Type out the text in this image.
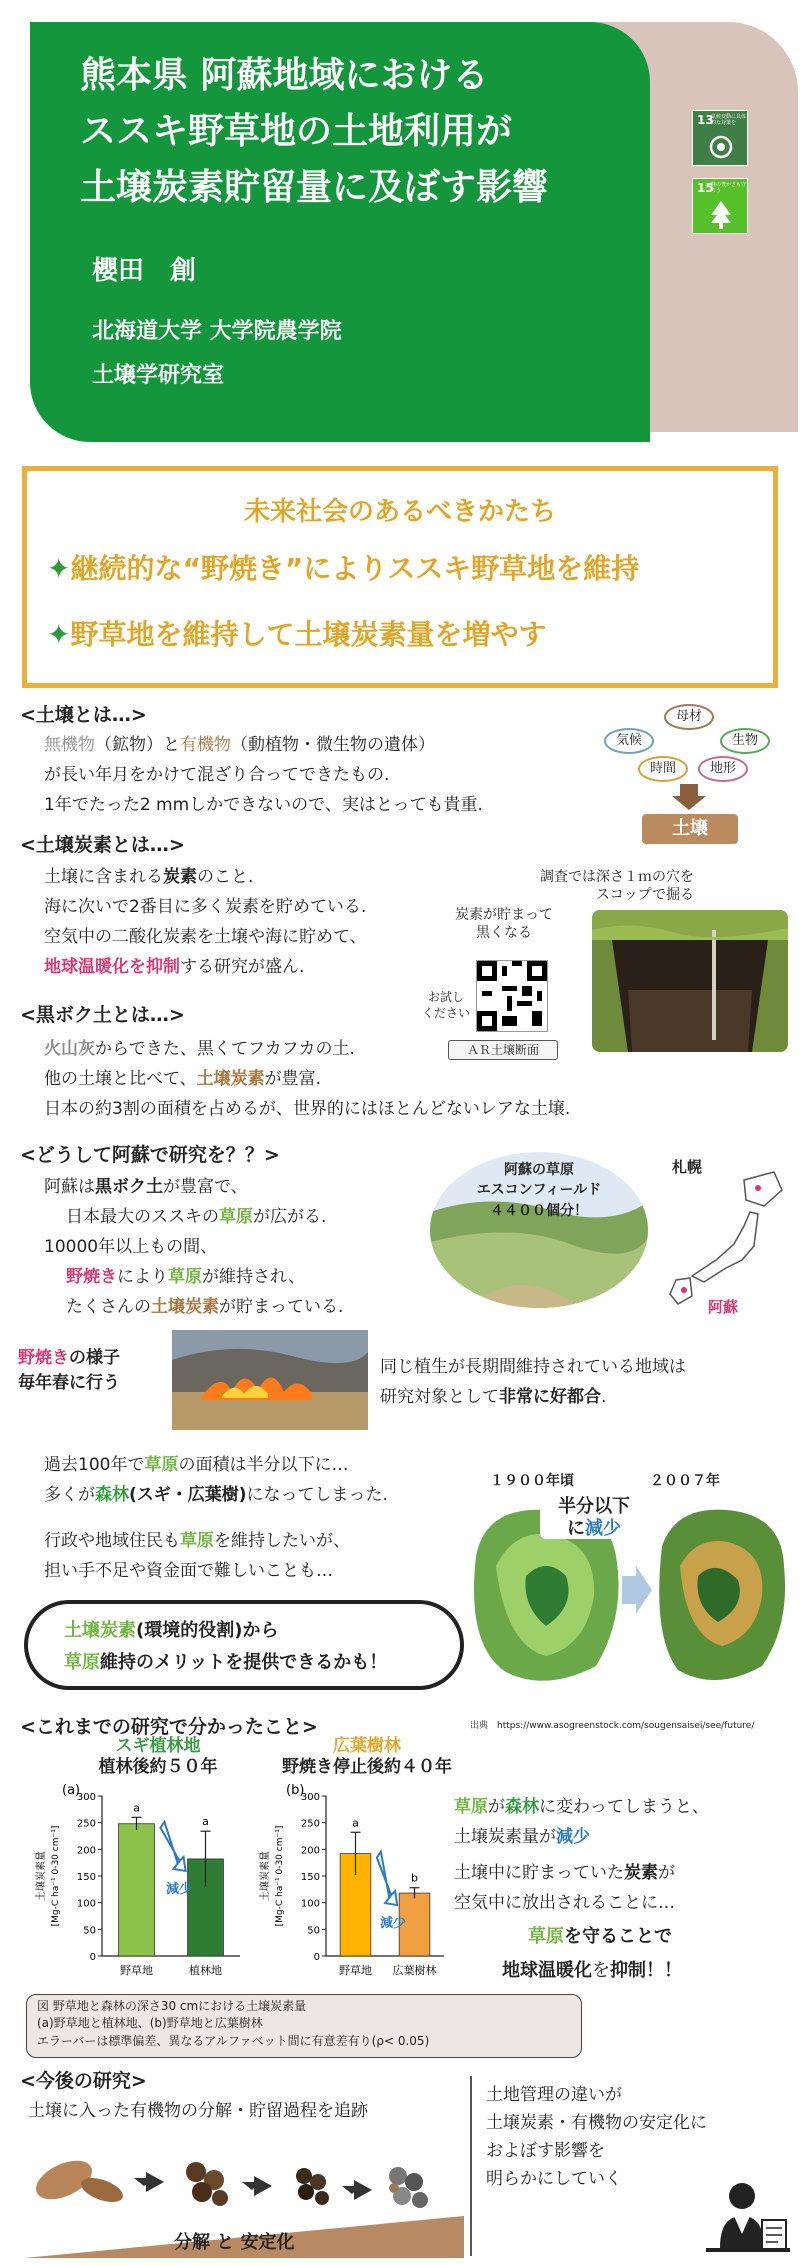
熊本県 阿蘇地域における
ススキ野草地の土地利用が
土壌炭素貯留量に及ぼす影響
櫻田　創
北海道大学 大学院農学院
土壌学研究室
13
気候変動に具体的な対策を
15
陸の豊かさも守ろう
未来社会のあるべきかたち
✦継続的な“野焼き”によりススキ野草地を維持
✦野草地を維持して土壌炭素量を増やす
<土壌とは…>
無機物（鉱物）と有機物（動植物・微生物の遺体）
が長い年月をかけて混ざり合ってできたもの.
1年でたった2 mmしかできないので、実はとっても貴重.
母材
気候	生物
時間	地形
土壌
<土壌炭素とは…>
土壌に含まれる炭素のこと.
海に次いで2番目に多く炭素を貯めている.
空気中の二酸化炭素を土壌や海に貯めて、
地球温暖化を抑制する研究が盛ん.
調査では深さ１ｍの穴を
スコップで掘る
炭素が貯まって
黒くなる
お試し
ください
ＡＲ土壌断面
<黒ボク土とは…>
火山灰からできた、黒くてフカフカの土.
他の土壌と比べて、土壌炭素が豊富.
日本の約3割の面積を占めるが、世界的にはほとんどないレアな土壌.
<どうして阿蘇で研究を？？>
阿蘇は黒ボク土が豊富で、
日本最大のススキの草原が広がる.
10000年以上もの間、
野焼きにより草原が維持され、
たくさんの土壌炭素が貯まっている.
阿蘇の草原
エスコンフィールド
４４００個分！
札幌
阿蘇
野焼きの様子
毎年春に行う
同じ植生が長期間維持されている地域は
研究対象として非常に好都合.
過去100年で草原の面積は半分以下に…
多くが森林(スギ・広葉樹)になってしまった.
行政や地域住民も草原を維持したいが、
担い手不足や資金面で難しいことも…
土壌炭素(環境的役割)から
草原維持のメリットを提供できるかも！
１９００年頃	２００７年
半分以下
に減少
出典　https://www.asogreenstock.com/sougensaisei/see/future/
<これまでの研究で分かったこと>
スギ植林地
植林後約５０年
広葉樹林
野焼き停止後約４０年
(a)
0
50
100
150
200
250
300
土壌炭素量 [Mg-C ha⁻¹ 0-30 cm⁻¹]
a
野草地
a
植林地
減少
(b)
0
50
100
150
200
250
300
土壌炭素量 [Mg-C ha⁻¹ 0-30 cm⁻¹]
a
野草地
b
広葉樹林
減少
草原が森林に変わってしまうと、
土壌炭素量が減少
土壌中に貯まっていた炭素が
空気中に放出されることに…
草原を守ることで
地球温暖化を抑制！！
図 野草地と森林の深さ30 cmにおける土壌炭素量
(a)野草地と植林地、(b)野草地と広葉樹林
エラーバーは標準偏差、異なるアルファベット間に有意差有り(ρ< 0.05)
<今後の研究>
土壌に入った有機物の分解・貯留過程を追跡
分解 と 安定化
土地管理の違いが
土壌炭素・有機物の安定化に
およぼす影響を
明らかにしていく
